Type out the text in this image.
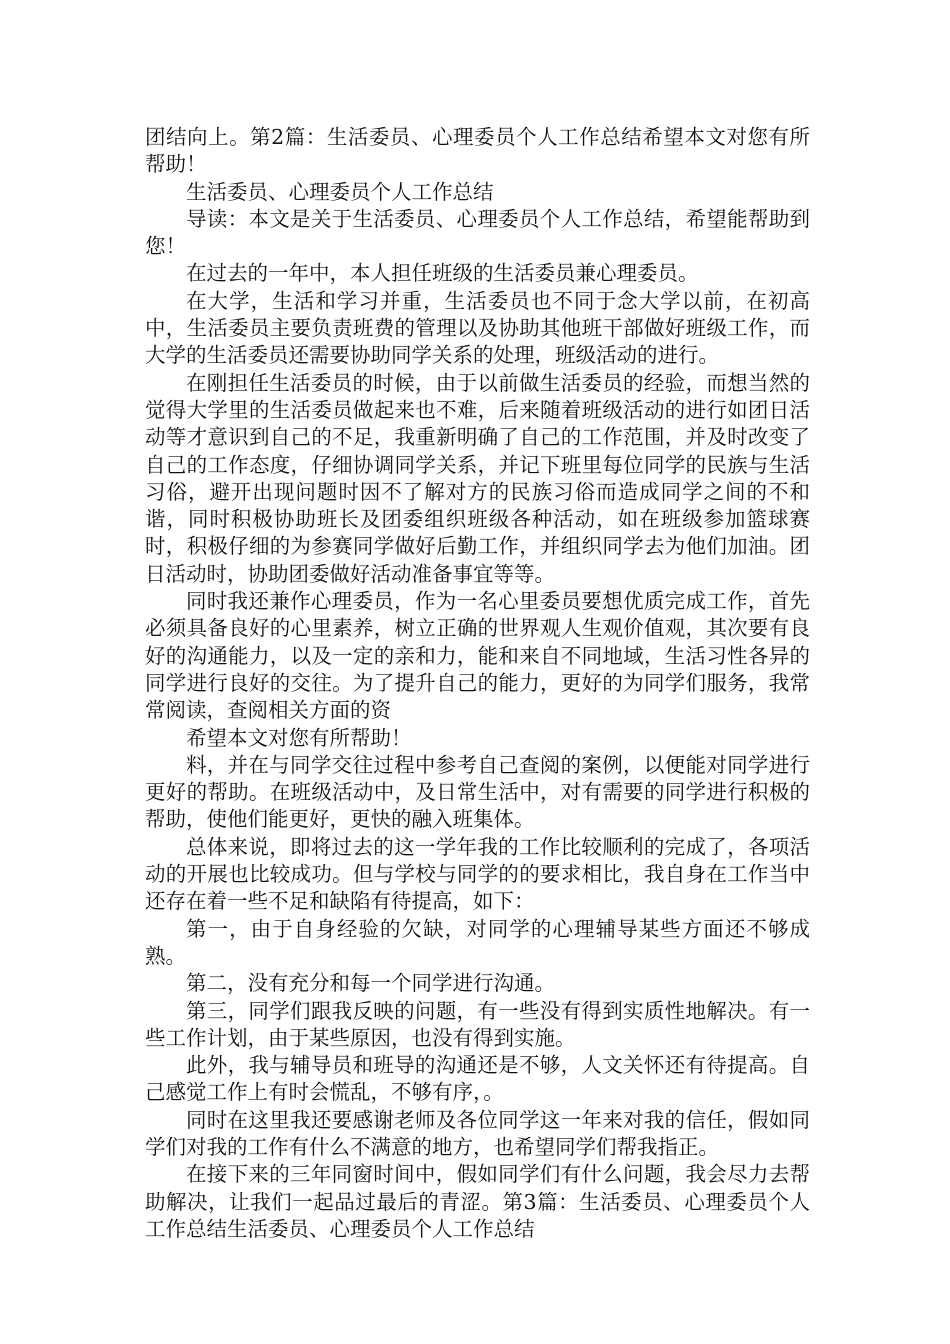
团结向上。第2篇：生活委员、心理委员个人工作总结希望本文对您有所帮助！

生活委员、心理委员个人工作总结

导读：本文是关于生活委员、心理委员个人工作总结，希望能帮助到您！

在过去的一年中，本人担任班级的生活委员兼心理委员。

在大学，生活和学习并重，生活委员也不同于念大学以前，在初高中，生活委员主要负责班费的管理以及协助其他班干部做好班级工作，而大学的生活委员还需要协助同学关系的处理，班级活动的进行。

在刚担任生活委员的时候，由于以前做生活委员的经验，而想当然的觉得大学里的生活委员做起来也不难，后来随着班级活动的进行如团日活动等才意识到自己的不足，我重新明确了自己的工作范围，并及时改变了自己的工作态度，仔细协调同学关系，并记下班里每位同学的民族与生活习俗，避开出现问题时因不了解对方的民族习俗而造成同学之间的不和谐，同时积极协助班长及团委组织班级各种活动，如在班级参加篮球赛时，积极仔细的为参赛同学做好后勤工作，并组织同学去为他们加油。团日活动时，协助团委做好活动准备事宜等等。

同时我还兼作心理委员，作为一名心里委员要想优质完成工作，首先必须具备良好的心里素养，树立正确的世界观人生观价值观，其次要有良好的沟通能力，以及一定的亲和力，能和来自不同地域，生活习性各异的同学进行良好的交往。为了提升自己的能力，更好的为同学们服务，我常常阅读，查阅相关方面的资

希望本文对您有所帮助！

料，并在与同学交往过程中参考自己查阅的案例，以便能对同学进行更好的帮助。在班级活动中，及日常生活中，对有需要的同学进行积极的帮助，使他们能更好，更快的融入班集体。

总体来说，即将过去的这一学年我的工作比较顺利的完成了，各项活动的开展也比较成功。但与学校与同学的的要求相比，我自身在工作当中还存在着一些不足和缺陷有待提高，如下：

第一，由于自身经验的欠缺，对同学的心理辅导某些方面还不够成熟。

第二，没有充分和每一个同学进行沟通。

第三，同学们跟我反映的问题，有一些没有得到实质性地解决。有一些工作计划，由于某些原因，也没有得到实施。

此外，我与辅导员和班导的沟通还是不够，人文关怀还有待提高。自己感觉工作上有时会慌乱，不够有序，。

同时在这里我还要感谢老师及各位同学这一年来对我的信任，假如同学们对我的工作有什么不满意的地方，也希望同学们帮我指正。

在接下来的三年同窗时间中，假如同学们有什么问题，我会尽力去帮助解决，让我们一起品过最后的青涩。第3篇：生活委员、心理委员个人工作总结生活委员、心理委员个人工作总结
